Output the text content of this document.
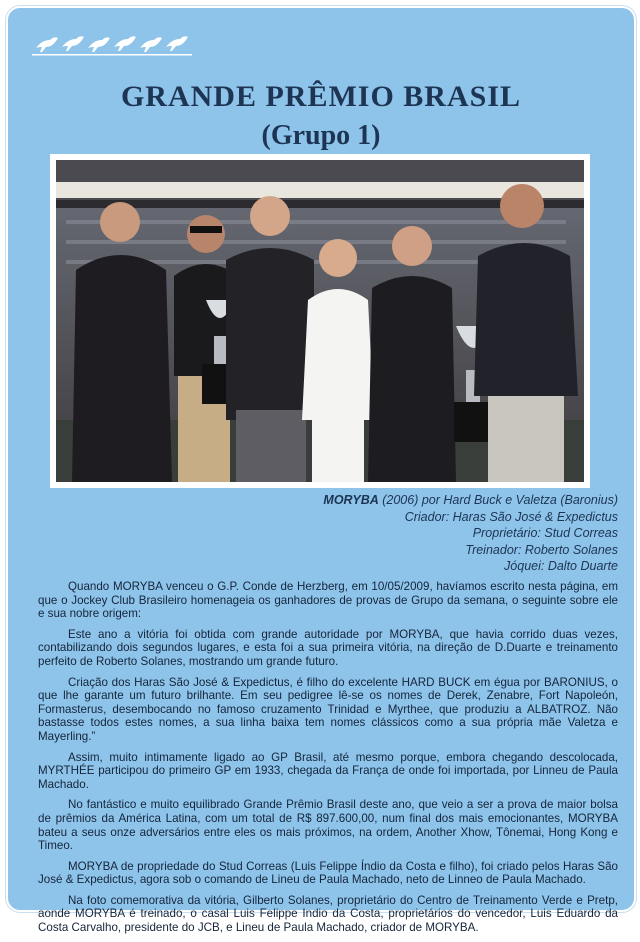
GRANDE PRÊMIO BRASIL
(Grupo 1)
MORYBA (2006) por Hard Buck e Valetza (Baronius)
Criador: Haras São José & Expedictus
Proprietário: Stud Correas
Treinador: Roberto Solanes
Jóquei: Dalto Duarte

Quando MORYBA venceu o G.P. Conde de Herzberg, em 10/05/2009, havíamos escrito nesta página, em que o Jockey Club Brasileiro homenageia os ganhadores de provas de Grupo da semana, o seguinte sobre ele e sua nobre origem:

Este ano a vitória foi obtida com grande autoridade por MORYBA, que havia corrido duas vezes, contabilizando dois segundos lugares, e esta foi a sua primeira vitória, na direção de D.Duarte e treinamento perfeito de Roberto Solanes, mostrando um grande futuro.

Criação dos Haras São José & Expedictus, é filho do excelente HARD BUCK em égua por BARONIUS, o que lhe garante um futuro brilhante. Em seu pedigree lê-se os nomes de Derek, Zenabre, Fort Napoleón, Formasterus, desembocando no famoso cruzamento Trinidad e Myrthee, que produziu a ALBATROZ. Não bastasse todos estes nomes, a sua linha baixa tem nomes clássicos como a sua própria mãe Valetza e Mayerling.”

Assim, muito intimamente ligado ao GP Brasil, até mesmo porque, embora chegando descolocada, MYRTHÉE participou do primeiro GP em 1933, chegada da França de onde foi importada, por Linneu de Paula Machado.

No fantástico e muito equilibrado Grande Prêmio Brasil deste ano, que veio a ser a prova de maior bolsa de prêmios da América Latina, com um total de R$ 897.600,00, num final dos mais emocionantes, MORYBA bateu a seus onze adversários entre eles os mais próximos, na ordem, Another Xhow, Tônemai, Hong Kong e Timeo.

MORYBA de propriedade do Stud Correas (Luis Felippe Índio da Costa e filho), foi criado pelos Haras São José & Expedictus, agora sob o comando de Lineu de Paula Machado, neto de Linneo de Paula Machado.

Na foto comemorativa da vitória, Gilberto Solanes, proprietário do Centro de Treinamento Verde e Pretp, aonde MORYBA é treinado, o casal Luis Felippe Indio da Costa, proprietários do vencedor, Luis Eduardo da Costa Carvalho, presidente do JCB, e Lineu de Paula Machado, criador de MORYBA.
